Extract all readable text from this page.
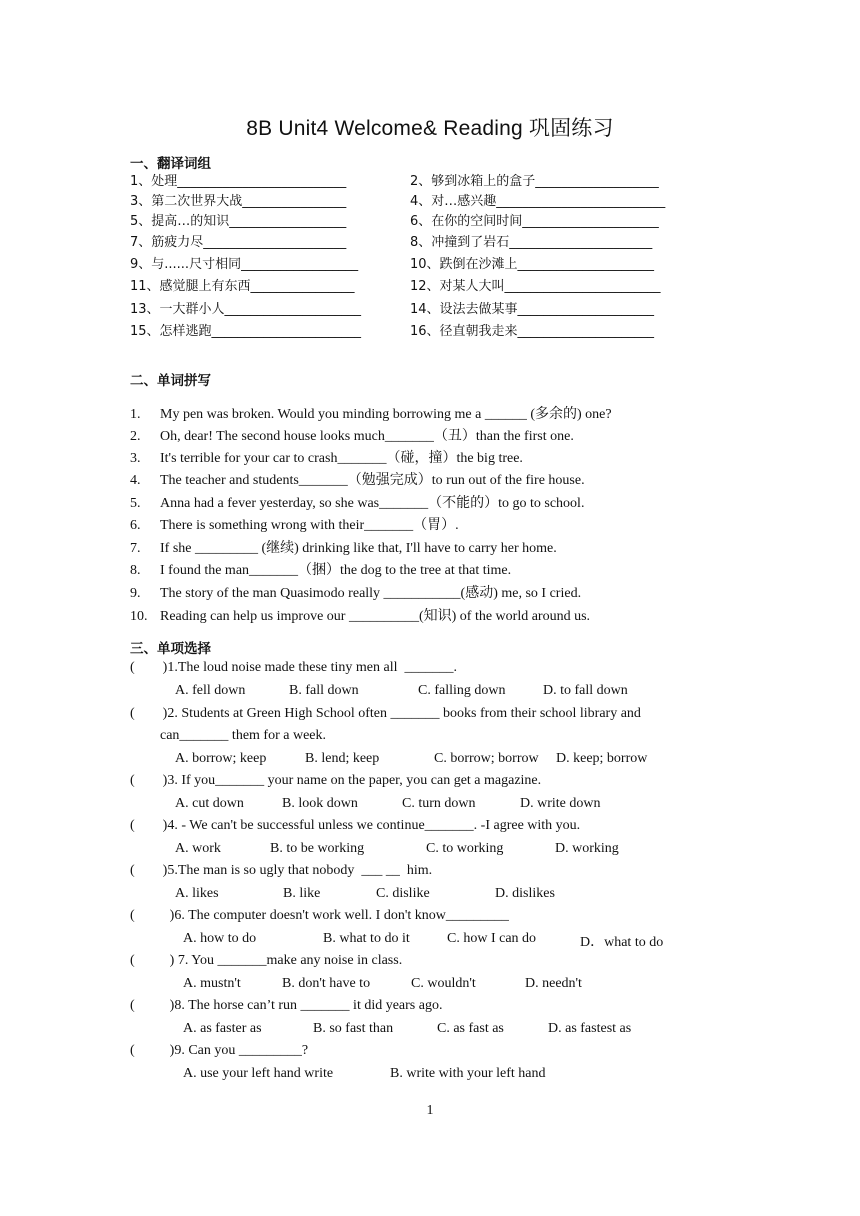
8B Unit4 Welcome& Reading 巩固练习
一、翻译词组
1、处理__________________________	2、够到冰箱上的盒子___________________
3、第二次世界大战________________	4、对…感兴趣__________________________
5、提高…的知识__________________	6、在你的空间时间_____________________
7、筋疲力尽______________________	8、冲撞到了岩石______________________
9、与......尺寸相同__________________	10、跌倒在沙滩上_____________________
11、感觉腿上有东西________________	12、对某人大叫________________________
13、一大群小人_____________________	14、设法去做某事_____________________
15、怎样逃跑_______________________	16、径直朝我走来_____________________
二、单词拼写

1. My pen was broken. Would you minding borrowing me a ______ (多余的) one?

2. Oh, dear! The second house looks much_______（丑）than the first one.

3. It's terrible for your car to crash_______（碰，撞）the big tree.

4. The teacher and students_______（勉强完成）to run out of the fire house.

5. Anna had a fever yesterday, so she was_______（不能的）to go to school.

6. There is something wrong with their_______（胃）.

7. If she _________ (继续) drinking like that, I'll have to carry her home.

8. I found the man_______（捆）the dog to the tree at that time.

9. The story of the man Quasimodo really ___________(感动) me, so I cried.

10. Reading can help us improve our __________(知识) of the world around us.

三、单项选择
(        )1.The loud noise made these tiny men all  _______.
A. fell down	B. fall down	C. falling down	D. to fall down
(        )2. Students at Green High School often _______ books from their school library and
can_______ them for a week.
A. borrow; keep	B. lend; keep	C. borrow; borrow D. keep; borrow
(        )3. If you_______ your name on the paper, you can get a magazine.
A. cut down	B. look down	C. turn down	D. write down
(        )4. - We can't be successful unless we continue_______. -I agree with you.
A. work	B. to be working	C. to working	D. working
(        )5.The man is so ugly that nobody  ___ __  him.
A. likes	B. like	C. dislike	D. dislikes
(          )6. The computer doesn't work well. I don't know_________
A. how to do	B. what to do it	C. how I can do	D．what to do
(          ) 7. You _______make any noise in class.
A. mustn't	B. don't have to	C. wouldn't	D. needn't
(          )8. The horse can’t run _______ it did years ago.
A. as faster as	B. so fast than	C. as fast as	D. as fastest as
(          )9. Can you _________?
A. use your left hand write	B. write with your left hand
1
